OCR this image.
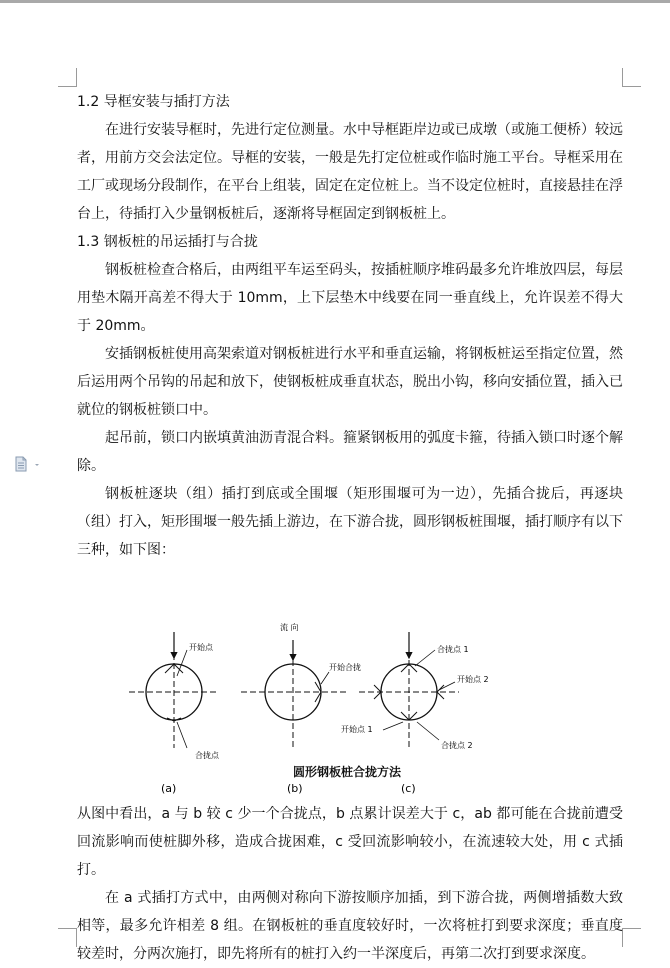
1.2 导框安装与插打方法

在进行安装导框时，先进行定位测量。水中导框距岸边或已成墩（或施工便桥）较远者，用前方交会法定位。导框的安装，一般是先打定位桩或作临时施工平台。导框采用在工厂或现场分段制作，在平台上组装，固定在定位桩上。当不设定位桩时，直接悬挂在浮台上，待插打入少量钢板桩后，逐渐将导框固定到钢板桩上。

1.3 钢板桩的吊运插打与合拢

钢板桩检查合格后，由两组平车运至码头，按插桩顺序堆码最多允许堆放四层，每层用垫木隔开高差不得大于 10mm，上下层垫木中线要在同一垂直线上，允许误差不得大于 20mm。

安插钢板桩使用高架索道对钢板桩进行水平和垂直运输，将钢板桩运至指定位置，然后运用两个吊钩的吊起和放下，使钢板桩成垂直状态，脱出小钩，移向安插位置，插入已就位的钢板桩锁口中。

起吊前，锁口内嵌填黄油沥青混合料。箍紧钢板用的弧度卡箍，待插入锁口时逐个解除。

钢板桩逐块（组）插打到底或全围堰（矩形围堰可为一边），先插合拢后，再逐块（组）打入，矩形围堰一般先插上游边，在下游合拢，圆形钢板桩围堰，插打顺序有以下三种，如下图：

开始点
合拢点
(a)
流 向
开始合拢
(b)
合拢点 1
开始点 2
开始点 1
合拢点 2
(c)
圆形钢板桩合拢方法

从图中看出，a 与 b 较 c 少一个合拢点，b 点累计误差大于 c，ab 都可能在合拢前遭受回流影响而使桩脚外移，造成合拢困难，c 受回流影响较小，在流速较大处，用 c 式插打。

在 a 式插打方式中，由两侧对称向下游按顺序加插，到下游合拢，两侧增插数大致相等，最多允许相差 8 组。在钢板桩的垂直度较好时，一次将桩打到要求深度；垂直度较差时，分两次施打，即先将所有的桩打入约一半深度后，再第二次打到要求深度。
